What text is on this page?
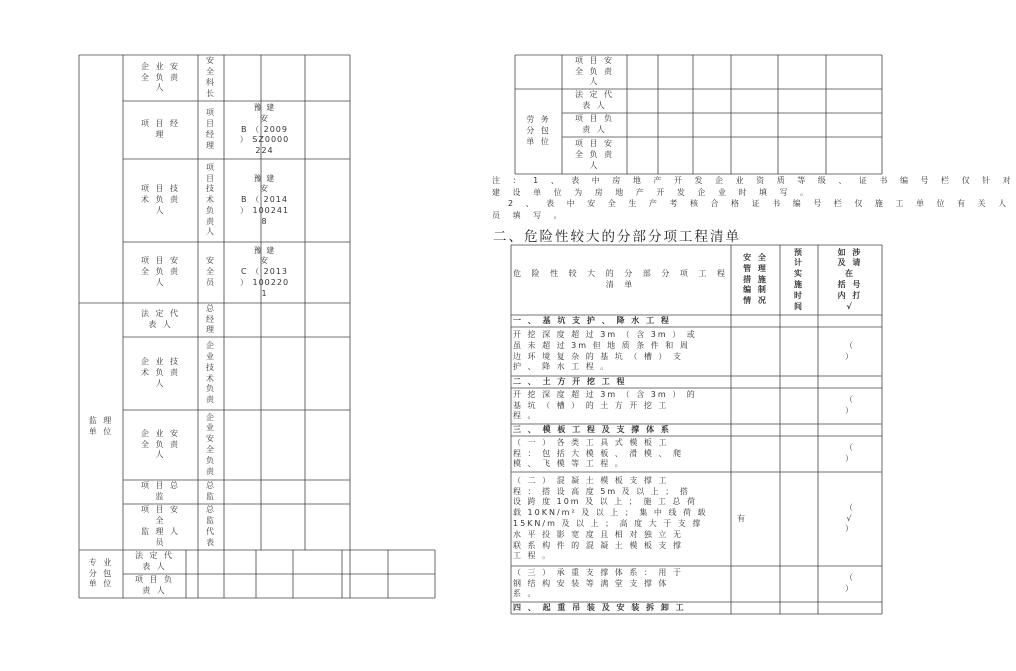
企 业 安
全 负 责
人
安
全
科
长
项 目 经
理
项
目
经
理
豫 建
安
B （ 2009
） SZ0000
224
项 目 技
术 负 责
人
项
目
技
术
负
责
人
豫 建
安
B （ 2014
） 100241
8
项 目 安
全 负 责
人
安
全
员
豫 建
安
C （ 2013
） 100220
1
监 理
单 位
法 定 代
表 人
总
经
理
企 业 技
术 负 责
人
企
业
技
术
负
责
企 业 安
全 负 责
人
企
业
安
全
负
责
项 目 总
监
总
监
项 目 安
全
监 理 人
员
总
监
代
表
专 业
分 包
单 位
法 定 代
表 人
项 目 负
责 人
项 目 安
全 负 责
人
劳 务
分 包
单 位
法 定 代
表 人
项 目 负
责 人
项 目 安
全 负 责
人
注 ： 1 、 表 中 房 地 产 开 发 企 业 资 质 等 级 、 证 书 编 号 栏 仅 针 对
建 设 单 位 为 房 地 产 开 发 企 业 时 填 写 。
2 、 表 中 安 全 生 产 考 核 合 格 证 书 编 号 栏 仅 施 工 单 位 有 关 人
员 填 写 。
二、危险性较大的分部分项工程清单
危 险 性 较 大 的 分 部 分 项 工 程
清 单
安 全
管 理
措 施
编 制
情 况
预
计
实
施
时
间
如 涉
及 请
在
括 号
内 打
√
一 、 基 坑 支 护 、 降 水 工 程
开 挖 深 度 超 过 3m （ 含 3m ） 或
虽 未 超 过 3m 但 地 质 条 件 和 周
边 环 境 复 杂 的 基 坑 （ 槽 ） 支
护 、 降 水 工 程 。
（
）
二 、 土 方 开 挖 工 程
开 挖 深 度 超 过 3m （ 含 3m ） 的
基 坑 （ 槽 ） 的 土 方 开 挖 工
程 。
（
）
三 、 模 板 工 程 及 支 撑 体 系
（ 一 ） 各 类 工 具 式 模 板 工
程 ： 包 括 大 模 板 、 滑 模 、 爬
模 、 飞 模 等 工 程 。
（
）
（ 二 ） 混 凝 土 模 板 支 撑 工
程 ： 搭 设 高 度 5m 及 以 上 ； 搭
设 跨 度 10m 及 以 上 ； 施 工 总 荷
载 10KN/m² 及 以 上 ； 集 中 线 荷 载
15KN/m 及 以 上 ； 高 度 大 于 支 撑
水 平 投 影 宽 度 且 相 对 独 立 无
联 系 构 件 的 混 凝 土 模 板 支 撑
工 程 。
有
（
√
）
（ 三 ） 承 重 支 撑 体 系 ： 用 于
钢 结 构 安 装 等 满 堂 支 撑 体
系 。
（
）
四 、 起 重 吊 装 及 安 装 拆 卸 工
